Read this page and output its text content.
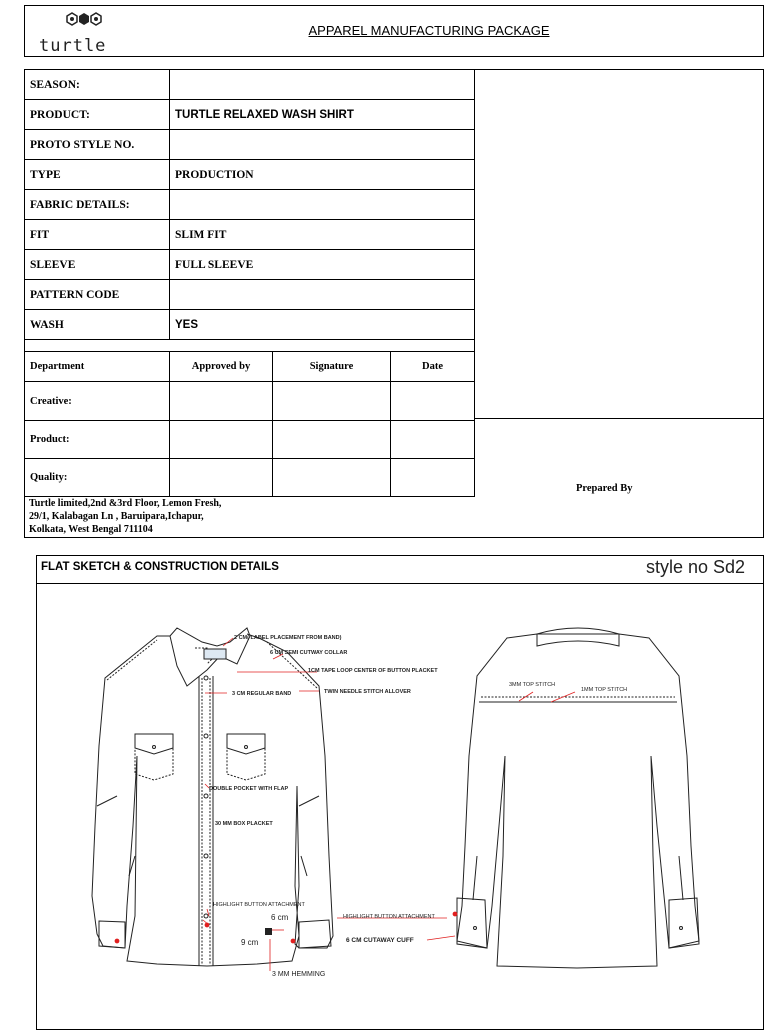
turtle
APPAREL MANUFACTURING PACKAGE
SEASON:	
PRODUCT:	TURTLE RELAXED WASH SHIRT
PROTO STYLE NO.	
TYPE	PRODUCTION
FABRIC DETAILS:	
FIT	SLIM FIT
SLEEVE	FULL SLEEVE
PATTERN CODE	
WASH	YES
Department	Approved by	Signature	Date
Creative:			
Product:			
Quality:			
Prepared By
Turtle limited,2nd &3rd Floor, Lemon Fresh,
29/1, Kalabagan Ln , Baruipara,Ichapur,
Kolkata, West Bengal 711104
FLAT SKETCH & CONSTRUCTION DETAILS	style no Sd2
2 CM( LABEL PLACEMENT FROM BAND)
6 CM SEMI CUTWAY COLLAR
1CM TAPE LOOP CENTER OF BUTTON PLACKET
3 CM REGULAR BAND	TWIN NEEDLE STITCH ALLOVER
DOUBLE POCKET WITH FLAP
30 MM BOX PLACKET
HIGHLIGHT BUTTON ATTACHMENT
6 cm
9 cm
3 MM HEMMING
HIGHLIGHT BUTTON ATTACHMENT
6 CM CUTAWAY CUFF
3MM TOP STITCH
1MM TOP STITCH
